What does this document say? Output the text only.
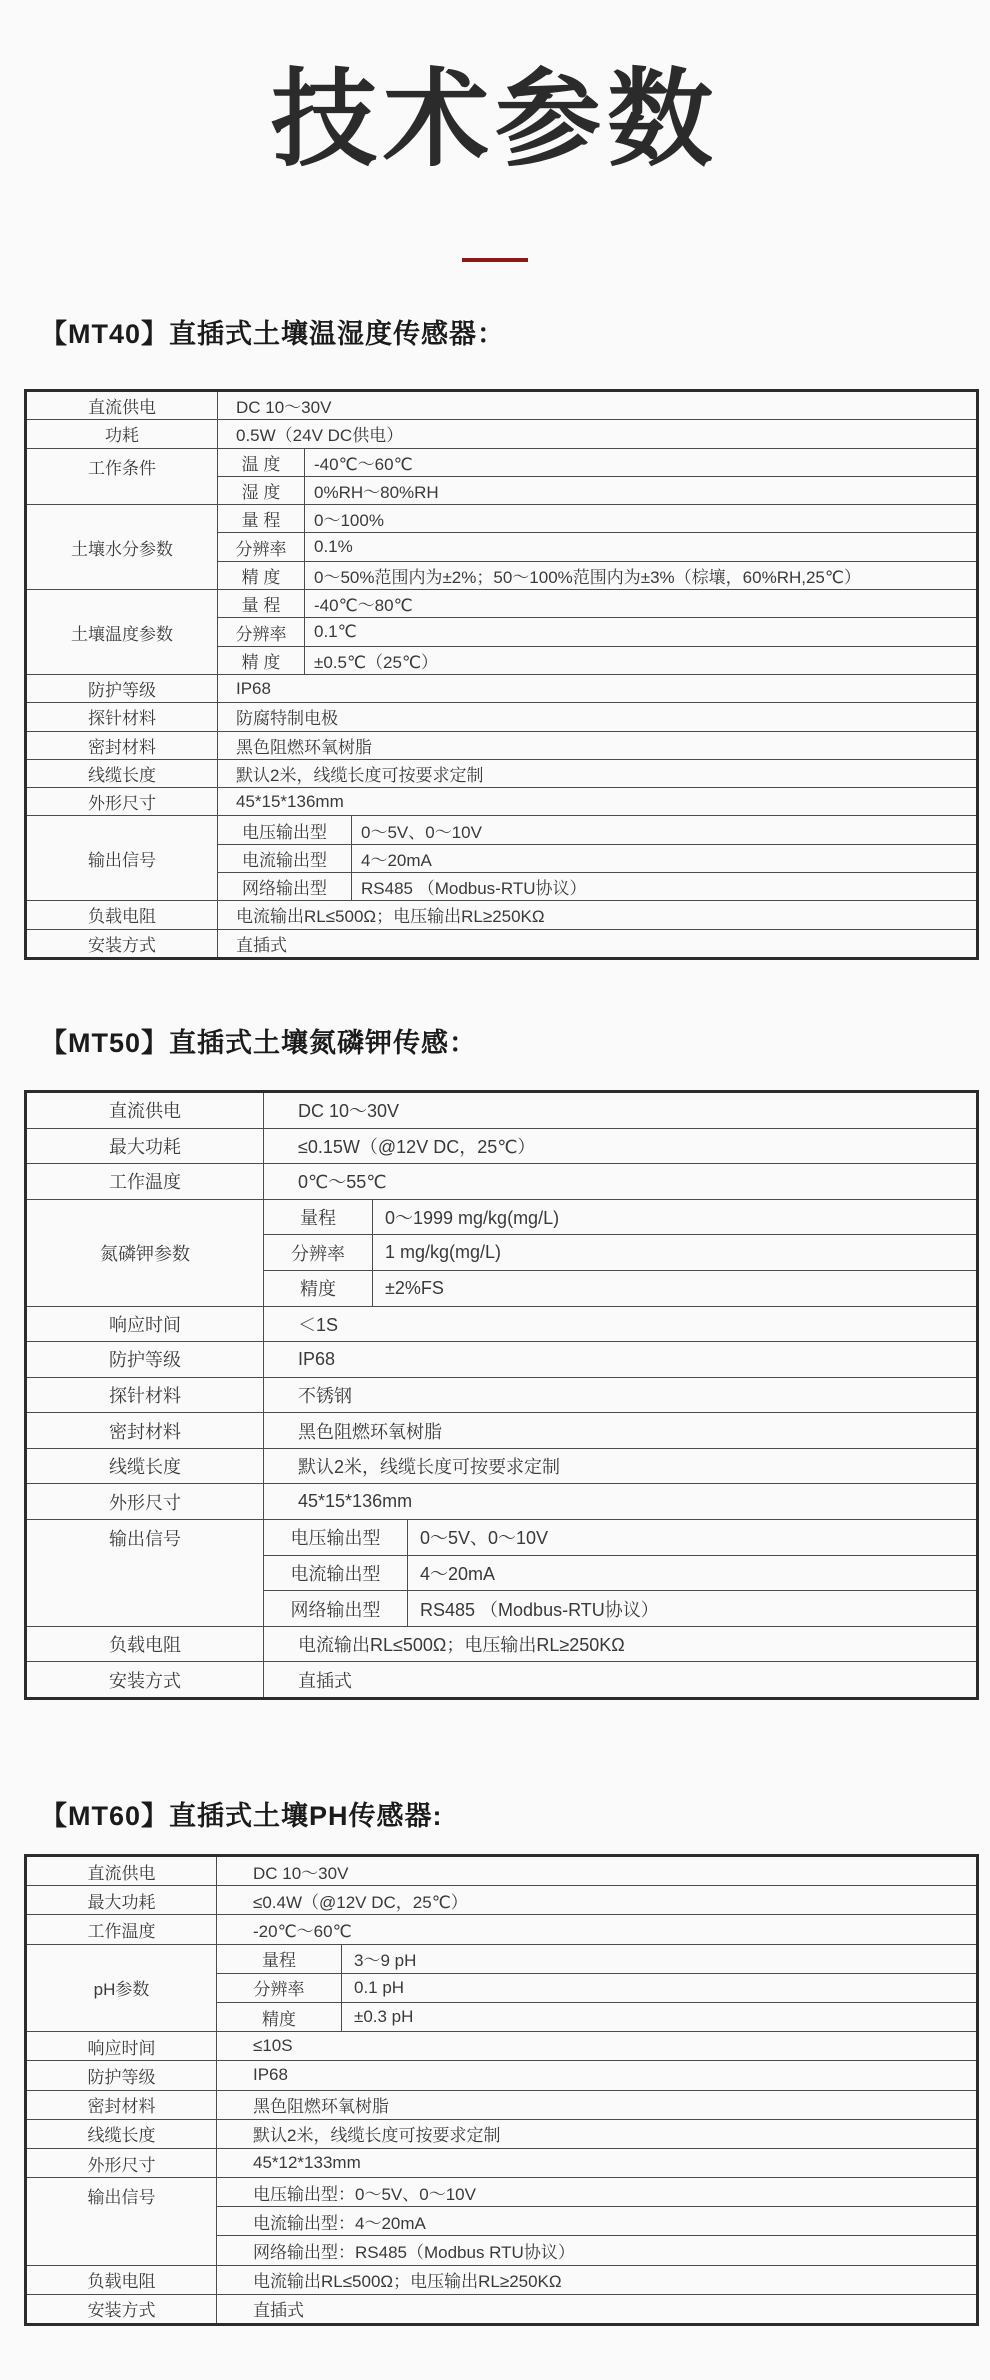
技术参数
【MT40】直插式土壤温湿度传感器：
直流供电	DC 10～30V		
功耗	0.5W（24V DC供电）		
工作条件	温 度	-40℃～60℃	
	湿 度	0%RH～80%RH	
土壤水分参数	量 程	0～100%	
	分辨率	0.1%	
	精 度	0～50%范围内为±2%；50～100%范围内为±3%（棕壤，60%RH,25℃）	
土壤温度参数	量 程	-40℃～80℃	
	分辨率	0.1℃	
	精 度	±0.5℃（25℃）	
防护等级	IP68		
探针材料	防腐特制电极		
密封材料	黑色阻燃环氧树脂		
线缆长度	默认2米，线缆长度可按要求定制		
外形尺寸	45*15*136mm		
输出信号	电压输出型		0～5V、0～10V
	电流输出型		4～20mA
	网络输出型		RS485 （Modbus-RTU协议）
负载电阻	电流输出RL≤500Ω；电压输出RL≥250KΩ		
安装方式	直插式		
【MT50】直插式土壤氮磷钾传感：
直流供电	DC 10～30V		
最大功耗	≤0.15W（@12V DC，25℃）		
工作温度	0℃～55℃		
氮磷钾参数	量程	0～1999 mg/kg(mg/L)	
	分辨率	1 mg/kg(mg/L)	
	精度	±2%FS	
响应时间	＜1S		
防护等级	IP68		
探针材料	不锈钢		
密封材料	黑色阻燃环氧树脂		
线缆长度	默认2米，线缆长度可按要求定制		
外形尺寸	45*15*136mm		
输出信号	电压输出型		0～5V、0～10V
	电流输出型		4～20mA
	网络输出型		RS485 （Modbus-RTU协议）
负载电阻	电流输出RL≤500Ω；电压输出RL≥250KΩ		
安装方式	直插式		
【MT60】直插式土壤PH传感器:
直流供电	DC 10～30V	
最大功耗	≤0.4W（@12V DC，25℃）	
工作温度	-20℃～60℃	
pH参数	量程	3～9 pH
	分辨率	0.1 pH
	精度	±0.3 pH
响应时间	≤10S	
防护等级	IP68	
密封材料	黑色阻燃环氧树脂	
线缆长度	默认2米，线缆长度可按要求定制	
外形尺寸	45*12*133mm	
输出信号	电压输出型：0～5V、0～10V	
	电流输出型：4～20mA	
	网络输出型：RS485（Modbus RTU协议）	
负载电阻	电流输出RL≤500Ω；电压输出RL≥250KΩ	
安装方式	直插式	
